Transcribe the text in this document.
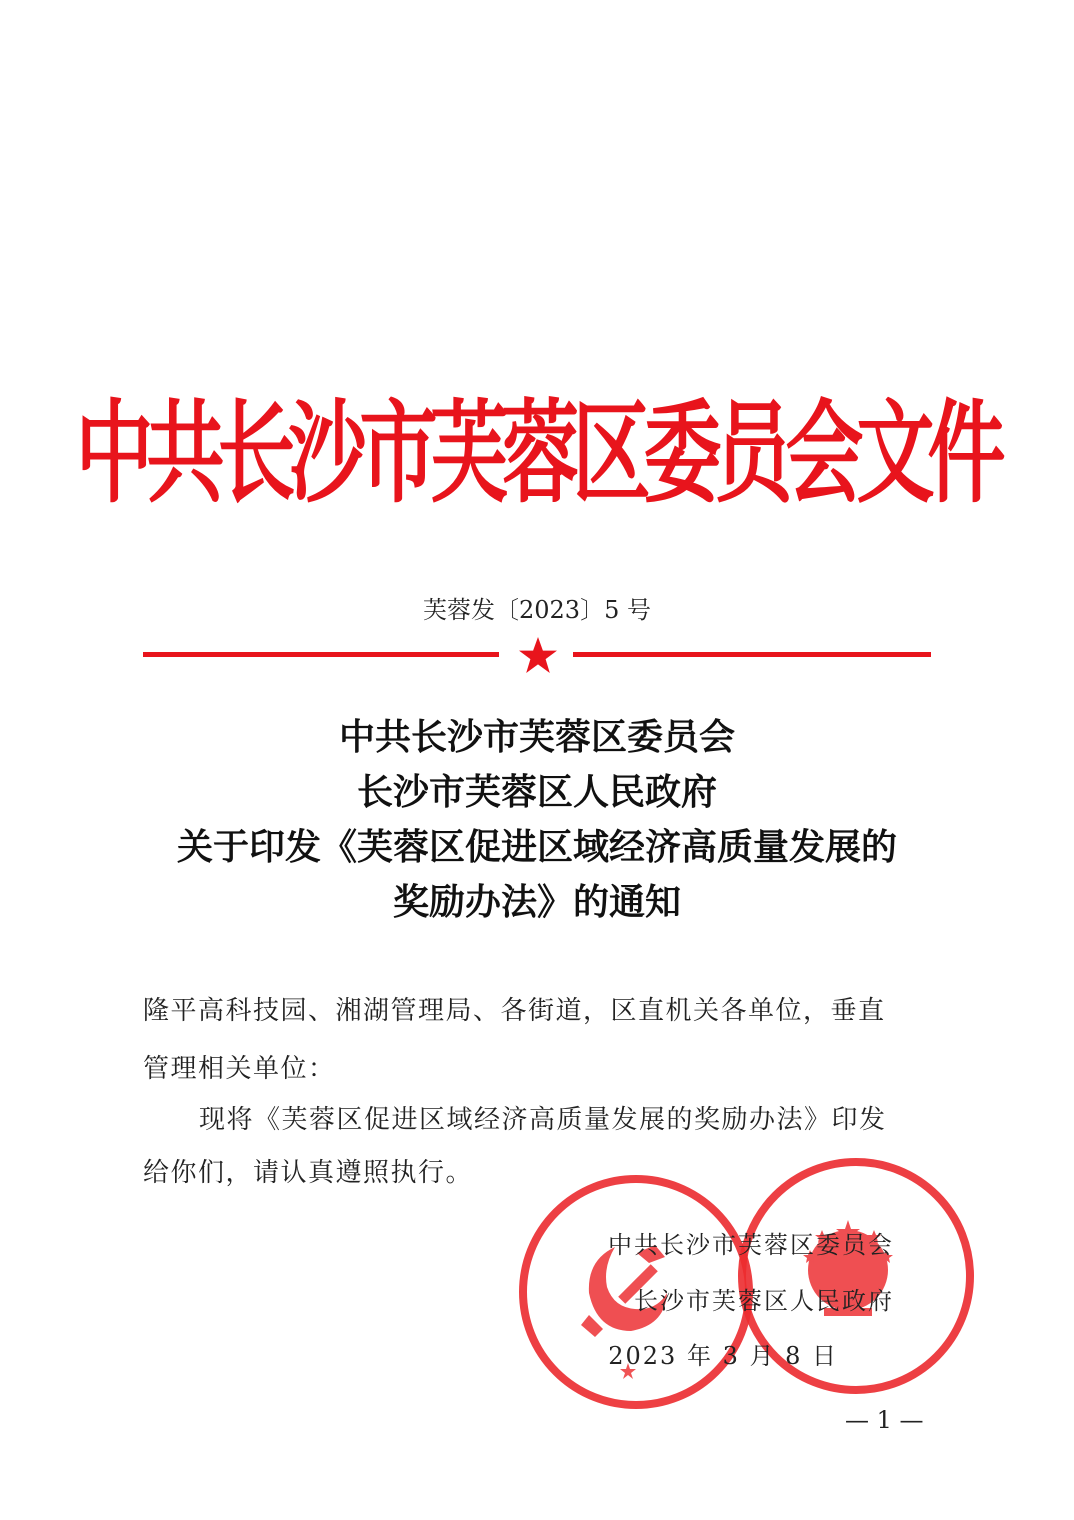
中共长沙市芙蓉区委员会文件
芙蓉发〔2023〕5 号
中共长沙市芙蓉区委员会
长沙市芙蓉区人民政府
关于印发《芙蓉区促进区域经济高质量发展的
奖励办法》的通知
隆平高科技园、湘湖管理局、各街道，区直机关各单位，垂直
管理相关单位：
现将《芙蓉区促进区域经济高质量发展的奖励办法》印发
给你们，请认真遵照执行。
中共长沙市芙蓉区委员会
长沙市芙蓉区人民政府
2023 年 3 月 8 日
— 1 —
